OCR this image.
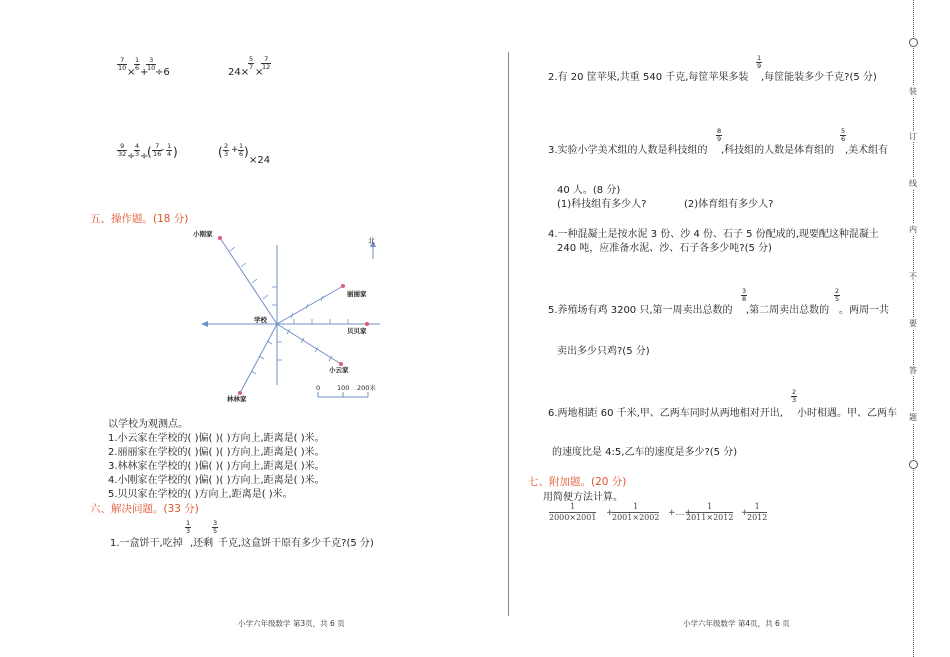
7
10 ×
1
6 +
3
10 ÷6	24×
5
7 ×
7
12
9
32 ÷
4
3 ÷
( 7
16 - 1
4 )	( 2
3 + 1
6 )
×24
五、操作题。(18 分)
北
小刚家
丽丽家
贝贝家
小云家
林林家
学校
0	100 200米
以学校为观测点。
1.小云家在学校的( )偏( )( )方向上,距离是( )米。
2.丽丽家在学校的( )偏( )( )方向上,距离是( )米。
3.林林家在学校的( )偏( )( )方向上,距离是( )米。
4.小刚家在学校的( )偏( )( )方向上,距离是( )米。
5.贝贝家在学校的( )方向上,距离是( )米。
六、解决问题。(33 分)
1.一盒饼干,吃掉
1
3
,还剩
3
5
千克,这盒饼干原有多少千克?(5 分)
小学六年级数学 第3页，共 6 页
2.有 20 筐苹果,共重 540 千克,每筐苹果多装
1
9
,每筐能装多少千克?(5 分)
3.实验小学美术组的人数是科技组的
8
9
,科技组的人数是体育组的
5
6
,美术组有
40 人。(8 分)
(1)科技组有多少人?	(2)体育组有多少人?
4.一种混凝土是按水泥 3 份、沙 4 份、石子 5 份配成的,现要配这种混凝土
240 吨，应准备水泥、沙、石子各多少吨?(5 分)
5.养殖场有鸡 3200 只,第一周卖出总数的
3
8
,第二周卖出总数的
2
5
。两周一共
卖出多少只鸡?(5 分)
6.两地相距 60 千米,甲、乙两车同时从两地相对开出,
2
3
小时相遇。甲、乙两车
的速度比是 4:5,乙车的速度是多少?(5 分)
七、附加题。(20 分)
用简便方法计算。
1
2000×2001 +
1
2001×2002 +…+
1
2011×2012 +
1
2012
小学六年级数学 第4页，共 6 页
装
订
线
内
不
要
答
题
